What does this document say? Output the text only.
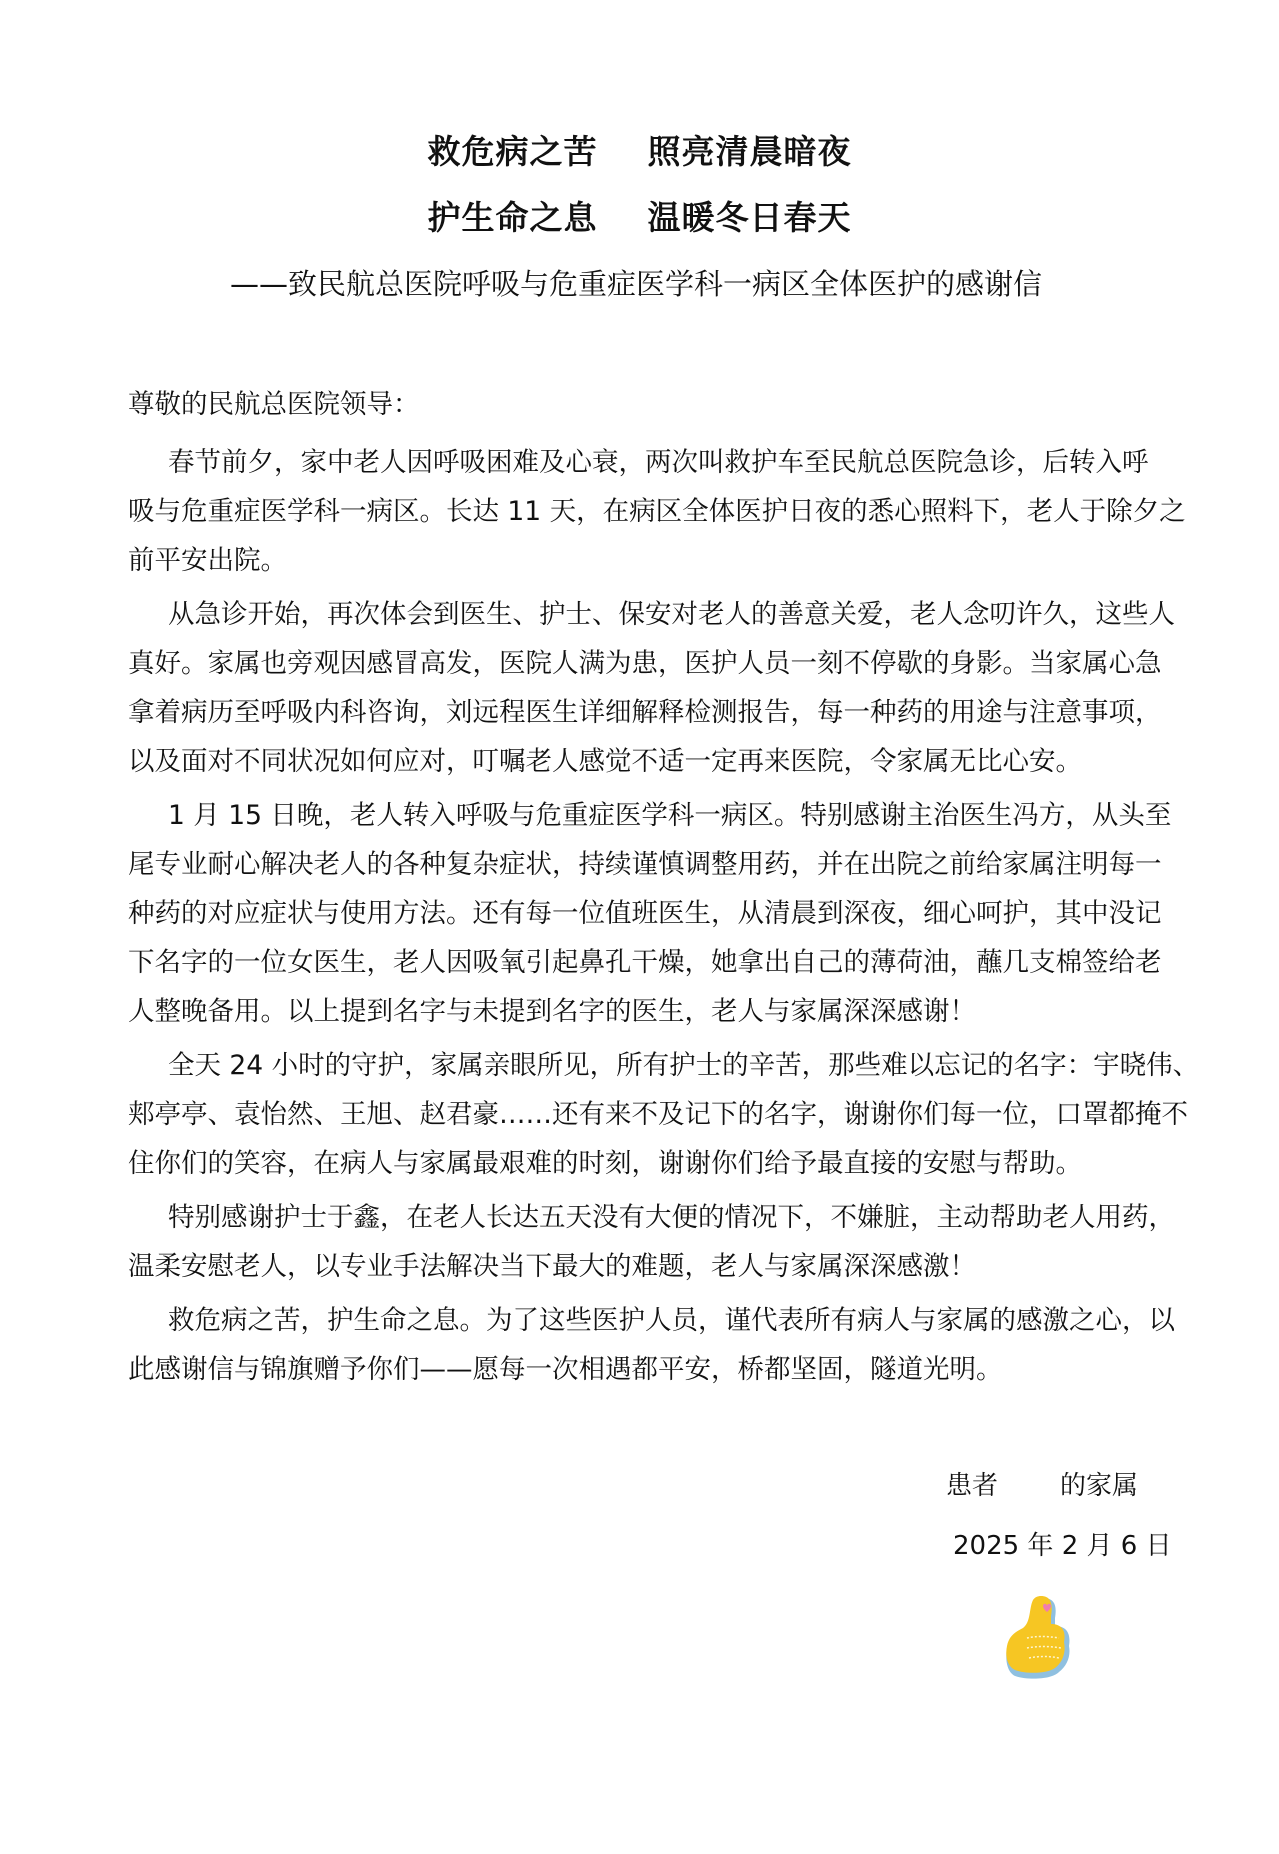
救危病之苦    照亮清晨暗夜
护生命之息    温暖冬日春天
——致民航总医院呼吸与危重症医学科一病区全体医护的感谢信
尊敬的民航总医院领导：
春节前夕，家中老人因呼吸困难及心衰，两次叫救护车至民航总医院急诊，后转入呼
吸与危重症医学科一病区。长达 11 天，在病区全体医护日夜的悉心照料下，老人于除夕之
前平安出院。
从急诊开始，再次体会到医生、护士、保安对老人的善意关爱，老人念叨许久，这些人
真好。家属也旁观因感冒高发，医院人满为患，医护人员一刻不停歇的身影。当家属心急
拿着病历至呼吸内科咨询，刘远程医生详细解释检测报告，每一种药的用途与注意事项，
以及面对不同状况如何应对，叮嘱老人感觉不适一定再来医院，令家属无比心安。
1 月 15 日晚，老人转入呼吸与危重症医学科一病区。特别感谢主治医生冯方，从头至
尾专业耐心解决老人的各种复杂症状，持续谨慎调整用药，并在出院之前给家属注明每一
种药的对应症状与使用方法。还有每一位值班医生，从清晨到深夜，细心呵护，其中没记
下名字的一位女医生，老人因吸氧引起鼻孔干燥，她拿出自己的薄荷油，蘸几支棉签给老
人整晚备用。以上提到名字与未提到名字的医生，老人与家属深深感谢！
全天 24 小时的守护，家属亲眼所见，所有护士的辛苦，那些难以忘记的名字：宇晓伟、
郏亭亭、袁怡然、王旭、赵君豪……还有来不及记下的名字，谢谢你们每一位，口罩都掩不
住你们的笑容，在病人与家属最艰难的时刻，谢谢你们给予最直接的安慰与帮助。
特别感谢护士于鑫，在老人长达五天没有大便的情况下，不嫌脏，主动帮助老人用药，
温柔安慰老人，以专业手法解决当下最大的难题，老人与家属深深感激！
救危病之苦，护生命之息。为了这些医护人员，谨代表所有病人与家属的感激之心，以
此感谢信与锦旗赠予你们——愿每一次相遇都平安，桥都坚固，隧道光明。
患者 的家属
2025 年 2 月 6 日
